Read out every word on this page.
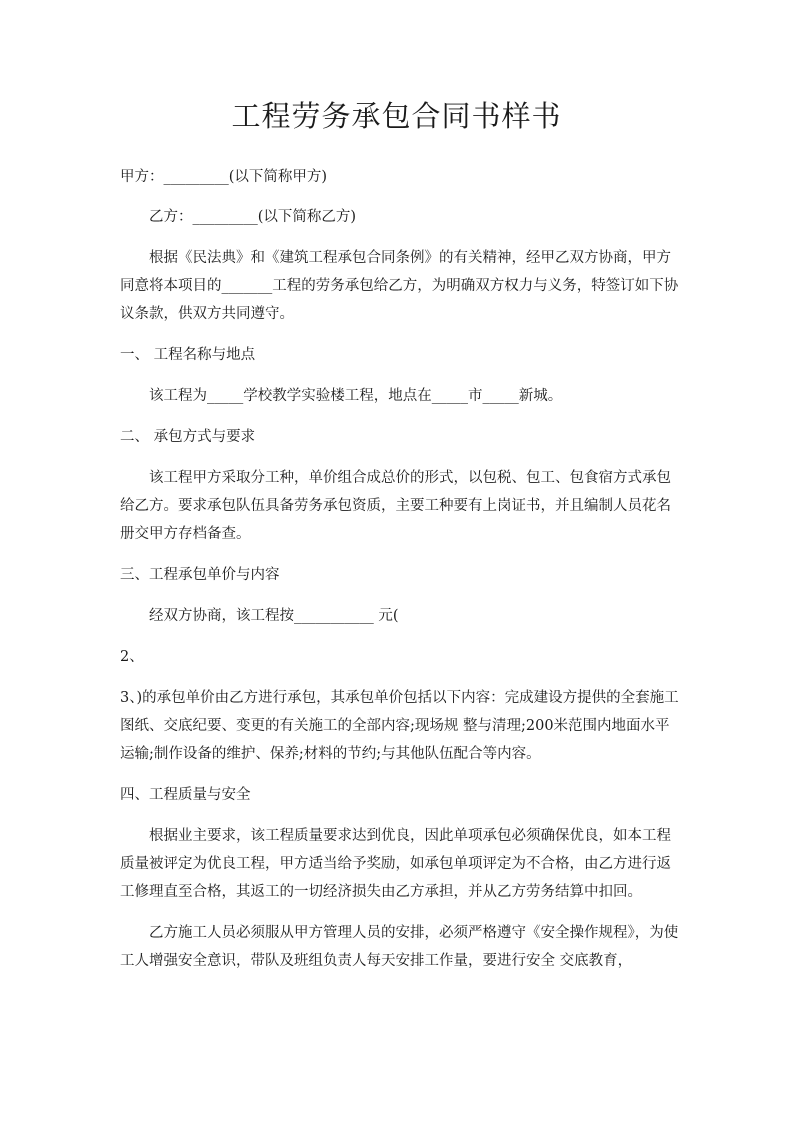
工程劳务承包合同书样书

甲方：_________(以下简称甲方)

乙方：_________(以下简称乙方)

根据《民法典》和《建筑工程承包合同条例》的有关精神，经甲乙双方协商，甲方同意将本项目的_______工程的劳务承包给乙方，为明确双方权力与义务，特签订如下协议条款，供双方共同遵守。

一、 工程名称与地点

该工程为_____学校教学实验楼工程，地点在_____市_____新城。

二、 承包方式与要求

该工程甲方采取分工种，单价组合成总价的形式，以包税、包工、包食宿方式承包给乙方。要求承包队伍具备劳务承包资质，主要工种要有上岗证书，并且编制人员花名册交甲方存档备查。

三、工程承包单价与内容

经双方协商，该工程按___________ 元(

2、

3、)的承包单价由乙方进行承包，其承包单价包括以下内容：完成建设方提供的全套施工图纸、交底纪要、变更的有关施工的全部内容;现场规 整与清理;200米范围内地面水平运输;制作设备的维护、保养;材料的节约;与其他队伍配合等内容。

四、工程质量与安全

根据业主要求，该工程质量要求达到优良，因此单项承包必须确保优良，如本工程质量被评定为优良工程，甲方适当给予奖励，如承包单项评定为不合格，由乙方进行返工修理直至合格，其返工的一切经济损失由乙方承担，并从乙方劳务结算中扣回。

乙方施工人员必须服从甲方管理人员的安排，必须严格遵守《安全操作规程》，为使工人增强安全意识，带队及班组负责人每天安排工作量，要进行安全 交底教育，
